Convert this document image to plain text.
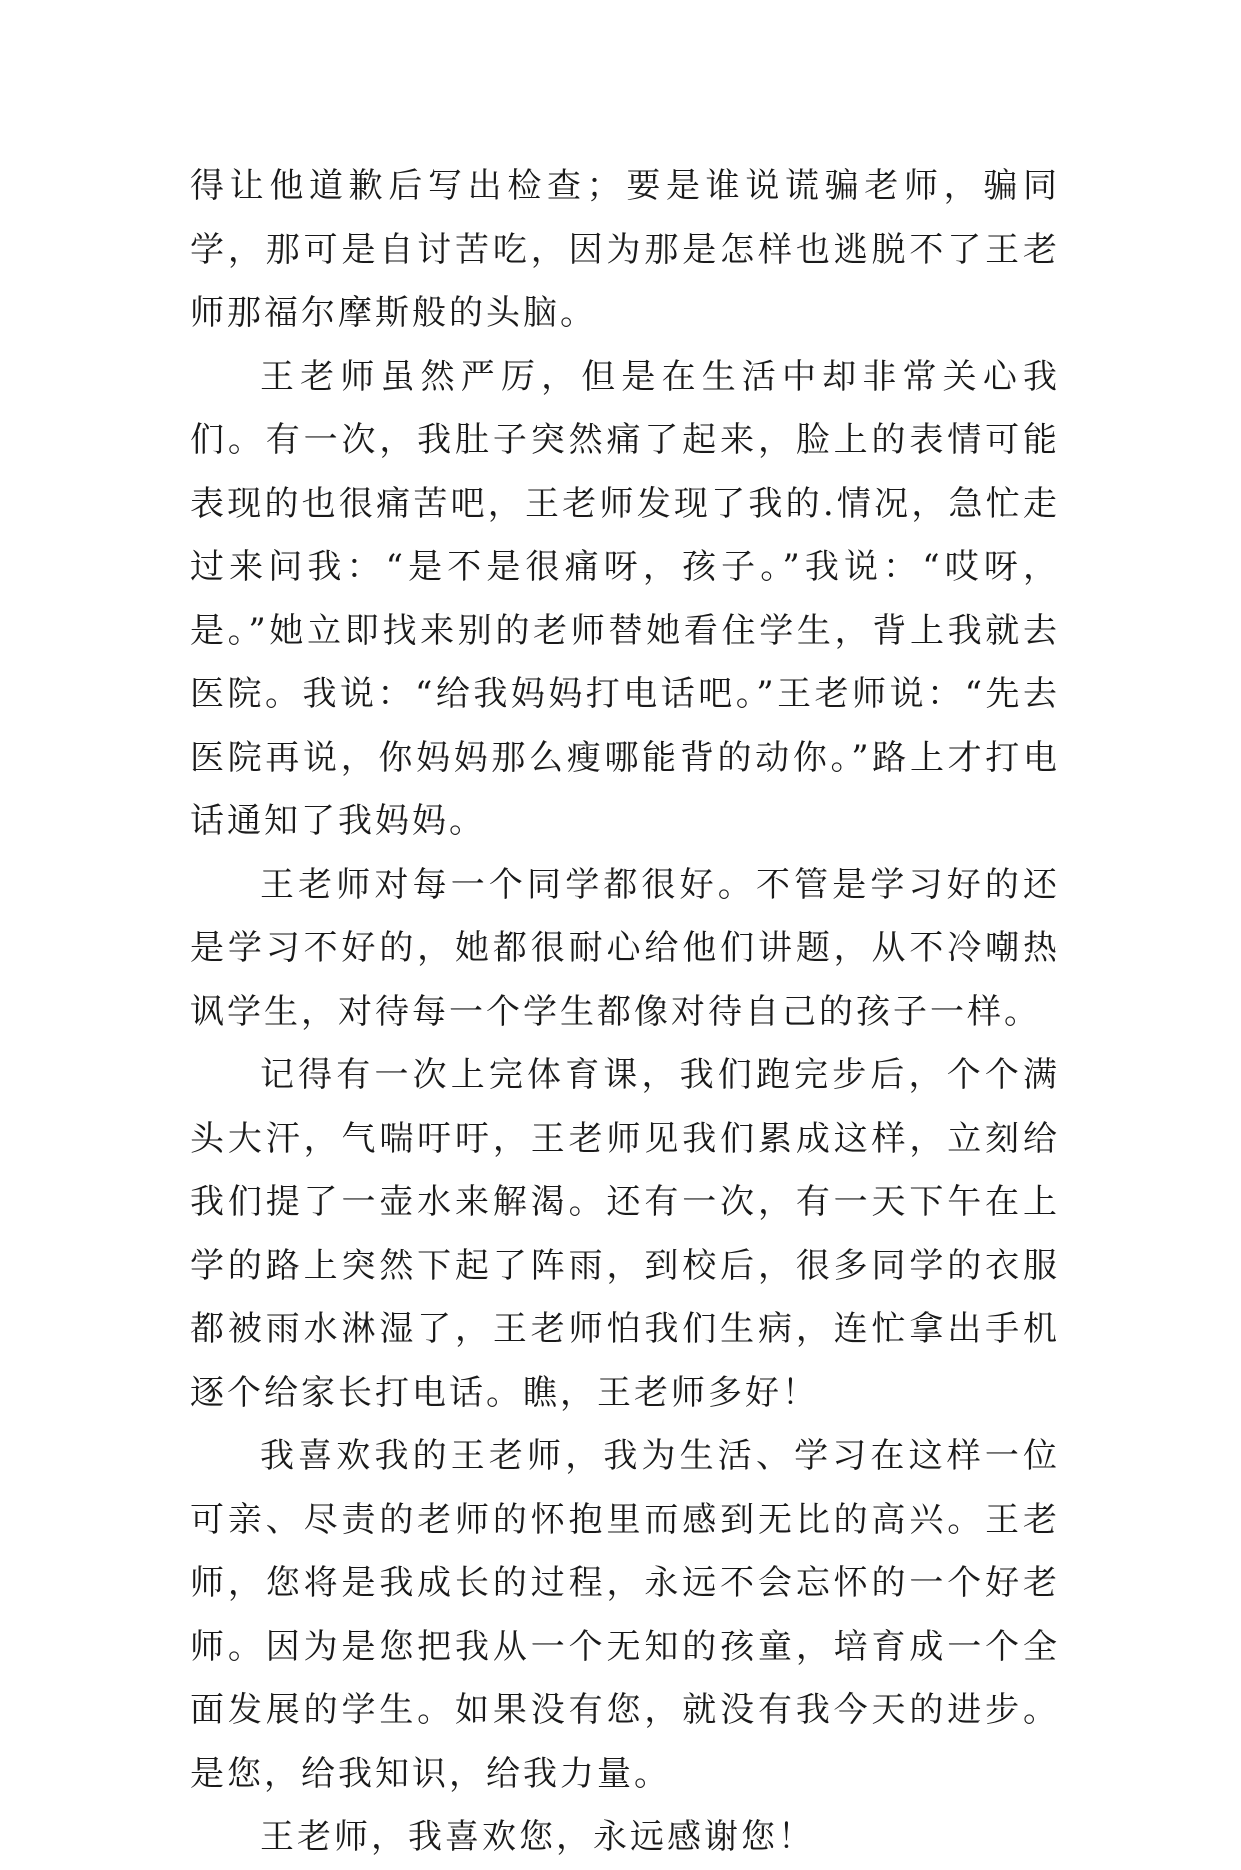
得让他道歉后写出检查；要是谁说谎骗老师，骗同学，那可是自讨苦吃，因为那是怎样也逃脱不了王老师那福尔摩斯般的头脑。

王老师虽然严厉，但是在生活中却非常关心我们。有一次，我肚子突然痛了起来，脸上的表情可能表现的也很痛苦吧，王老师发现了我的.情况，急忙走过来问我：“是不是很痛呀，孩子。”我说：“哎呀，是。”她立即找来别的老师替她看住学生，背上我就去医院。我说：“给我妈妈打电话吧。”王老师说：“先去医院再说，你妈妈那么瘦哪能背的动你。”路上才打电话通知了我妈妈。

王老师对每一个同学都很好。不管是学习好的还是学习不好的，她都很耐心给他们讲题，从不冷嘲热讽学生，对待每一个学生都像对待自己的孩子一样。

记得有一次上完体育课，我们跑完步后，个个满头大汗，气喘吁吁，王老师见我们累成这样，立刻给我们提了一壶水来解渴。还有一次，有一天下午在上学的路上突然下起了阵雨，到校后，很多同学的衣服都被雨水淋湿了，王老师怕我们生病，连忙拿出手机逐个给家长打电话。瞧，王老师多好！

我喜欢我的王老师，我为生活、学习在这样一位可亲、尽责的老师的怀抱里而感到无比的高兴。王老师，您将是我成长的过程，永远不会忘怀的一个好老师。因为是您把我从一个无知的孩童，培育成一个全面发展的学生。如果没有您，就没有我今天的进步。是您，给我知识，给我力量。

王老师，我喜欢您，永远感谢您！
